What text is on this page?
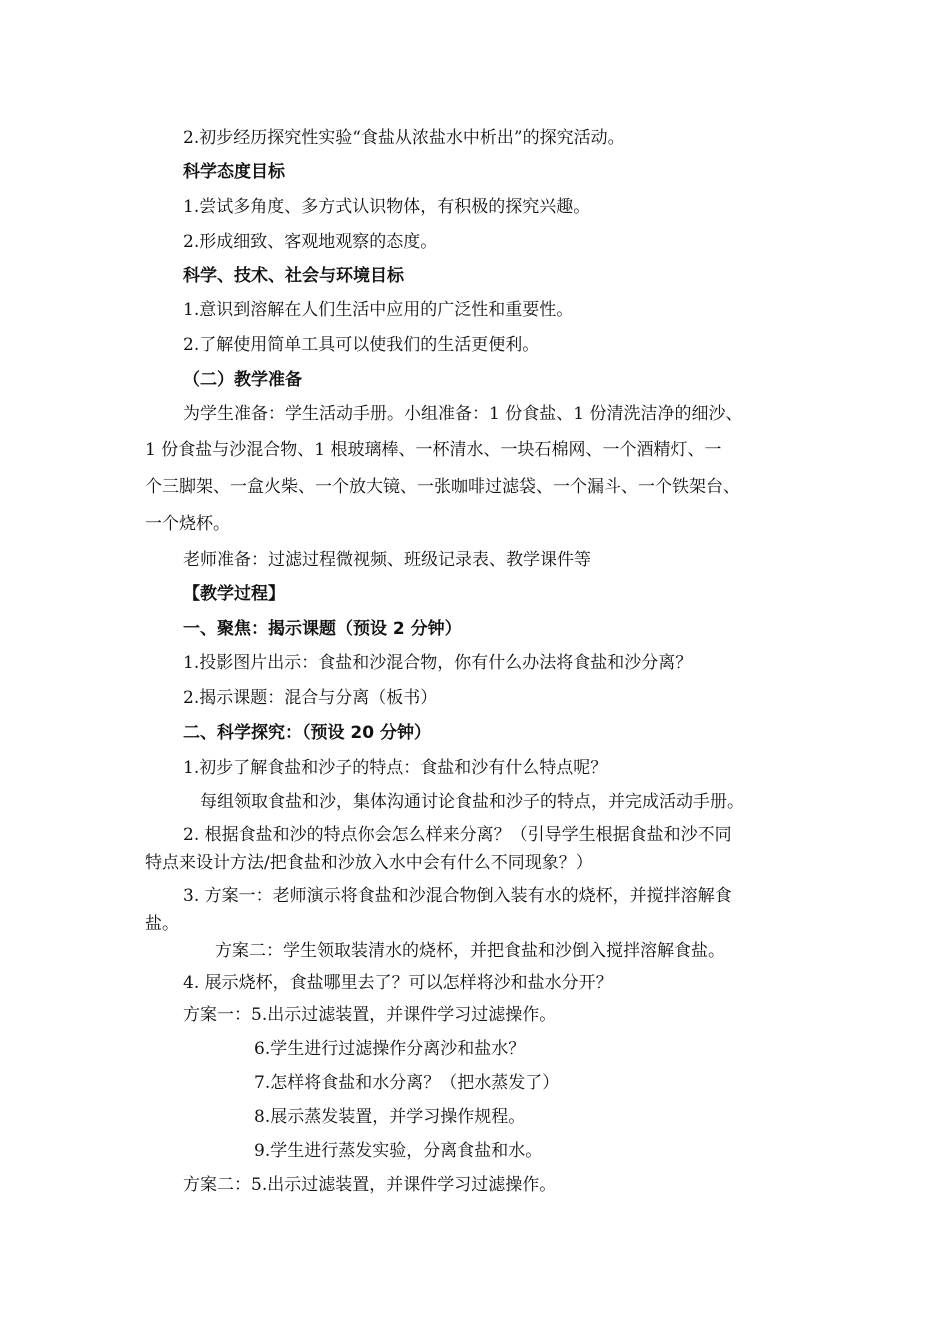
2.初步经历探究性实验“食盐从浓盐水中析出”的探究活动。
科学态度目标
1.尝试多角度、多方式认识物体，有积极的探究兴趣。
2.形成细致、客观地观察的态度。
科学、技术、社会与环境目标
1.意识到溶解在人们生活中应用的广泛性和重要性。
2.了解使用简单工具可以使我们的生活更便利。
（二）教学准备
为学生准备：学生活动手册。小组准备：1 份食盐、1 份清洗洁净的细沙、
1 份食盐与沙混合物、1 根玻璃棒、一杯清水、一块石棉网、一个酒精灯、一
个三脚架、一盒火柴、一个放大镜、一张咖啡过滤袋、一个漏斗、一个铁架台、
一个烧杯。
老师准备：过滤过程微视频、班级记录表、教学课件等
【教学过程】
一、聚焦：揭示课题（预设 2 分钟）
1.投影图片出示：食盐和沙混合物，你有什么办法将食盐和沙分离？
2.揭示课题：混合与分离（板书）
二、科学探究：（预设 20 分钟）
1.初步了解食盐和沙子的特点：食盐和沙有什么特点呢？
每组领取食盐和沙，集体沟通讨论食盐和沙子的特点，并完成活动手册。
2. 根据食盐和沙的特点你会怎么样来分离？（引导学生根据食盐和沙不同
特点来设计方法/把食盐和沙放入水中会有什么不同现象？）
3. 方案一：老师演示将食盐和沙混合物倒入装有水的烧杯，并搅拌溶解食
盐。
方案二：学生领取装清水的烧杯，并把食盐和沙倒入搅拌溶解食盐。
4. 展示烧杯，食盐哪里去了？可以怎样将沙和盐水分开？
方案一：5.出示过滤装置，并课件学习过滤操作。
6.学生进行过滤操作分离沙和盐水？
7.怎样将食盐和水分离？（把水蒸发了）
8.展示蒸发装置，并学习操作规程。
9.学生进行蒸发实验，分离食盐和水。
方案二：5.出示过滤装置，并课件学习过滤操作。
